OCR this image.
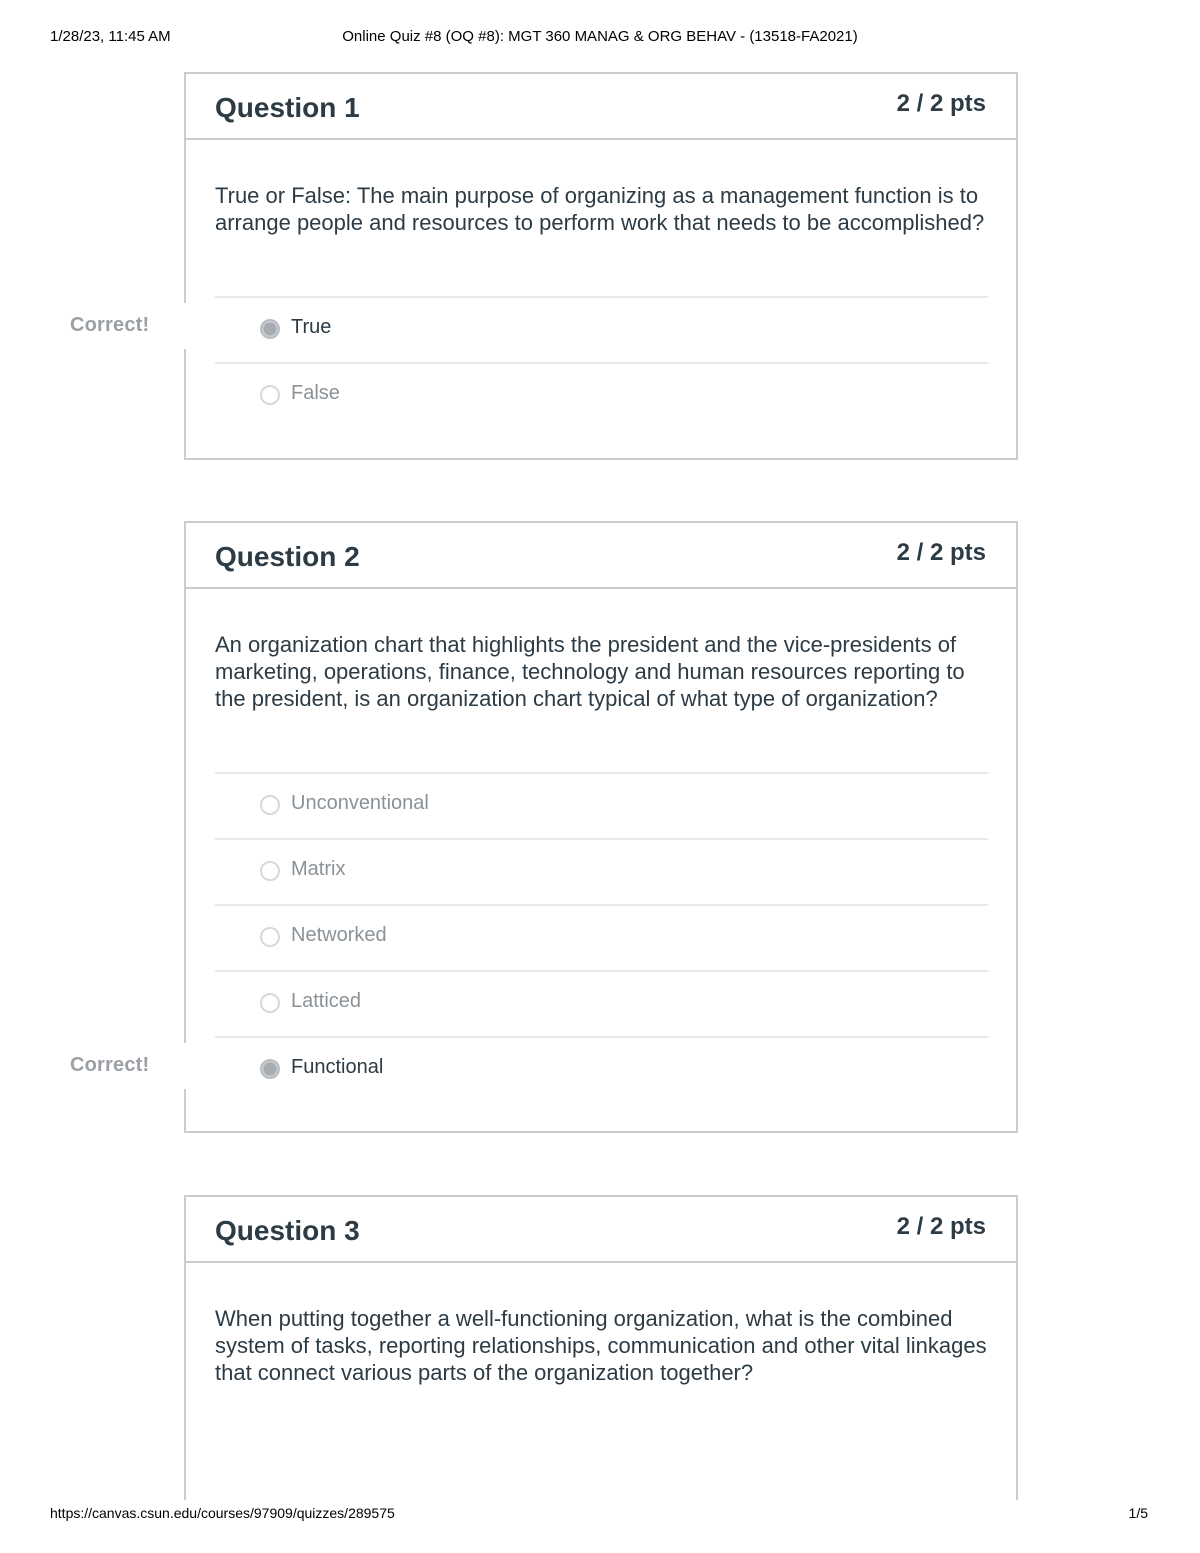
1/28/23, 11:45 AM	Online Quiz #8 (OQ #8): MGT 360 MANAG & ORG BEHAV - (13518-FA2021)
Question 1	2 / 2 pts
True or False: The main purpose of organizing as a management function is to arrange people and resources to perform work that needs to be accomplished?
True
False
Correct!
Question 2	2 / 2 pts
An organization chart that highlights the president and the vice-presidents of marketing, operations, finance, technology and human resources reporting to the president, is an organization chart typical of what type of organization?
Unconventional
Matrix
Networked
Latticed
Functional
Correct!
Question 3	2 / 2 pts
When putting together a well-functioning organization, what is the combined system of tasks, reporting relationships, communication and other vital linkages that connect various parts of the organization together?
https://canvas.csun.edu/courses/97909/quizzes/289575	1/5
